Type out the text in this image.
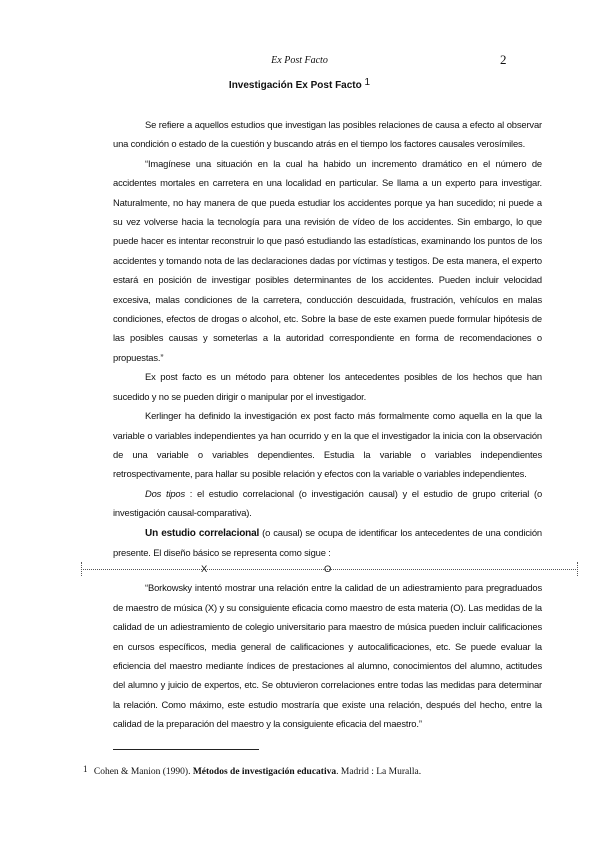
Ex Post Facto	2
Investigación Ex Post Facto $^1$

Se refiere a aquellos estudios que investigan las posibles relaciones de causa a efecto al observar una condición o estado de la cuestión y buscando atrás en el tiempo los factores causales verosímiles.

“Imagínese una situación en la cual ha habido un incremento dramático en el número de accidentes mortales en carretera en una localidad en particular. Se llama a un experto para investigar. Naturalmente, no hay manera de que pueda estudiar los accidentes porque ya han sucedido; ni puede a su vez volverse hacia la tecnología para una revisión de vídeo de los accidentes. Sin embargo, lo que puede hacer es intentar reconstruir lo que pasó estudiando las estadísticas, examinando los puntos de los accidentes y tomando nota de las declaraciones dadas por víctimas y testigos. De esta manera, el experto estará en posición de investigar posibles determinantes de los accidentes. Pueden incluir velocidad excesiva, malas condiciones de la carretera, conducción descuidada, frustración, vehículos en malas condiciones, efectos de drogas o alcohol, etc. Sobre la base de este examen puede formular hipótesis de las posibles causas y someterlas a la autoridad correspondiente en forma de recomendaciones o propuestas.”

Ex post facto es un método para obtener los antecedentes posibles de los hechos que han sucedido y no se pueden dirigir o manipular por el investigador.

Kerlinger ha definido la investigación ex post facto más formalmente como aquella en la que la variable o variables independientes ya han ocurrido y en la que el investigador la inicia con la observación de una variable o variables dependientes. Estudia la variable o variables independientes retrospectivamente, para hallar su posible relación y efectos con la variable o variables independientes.

Dos tipos : el estudio correlacional (o investigación causal) y el estudio de grupo criterial (o investigación causal-comparativa).

Un estudio correlacional (o causal) se ocupa de identificar los antecedentes de una condición presente. El diseño básico se representa como sigue :

X	O

“Borkowsky intentó mostrar una relación entre la calidad de un adiestramiento para pregraduados de maestro de música (X) y su consiguiente eficacia como maestro de esta materia (O). Las medidas de la calidad de un adiestramiento de colegio universitario para maestro de música pueden incluir calificaciones en cursos específicos, media general de calificaciones y autocalificaciones, etc. Se puede evaluar la eficiencia del maestro mediante índices de prestaciones al alumno, conocimientos del alumno, actitudes del alumno y juicio de expertos, etc. Se obtuvieron correlaciones entre todas las medidas para determinar la relación. Como máximo, este estudio mostraría que existe una relación, después del hecho, entre la calidad de la preparación del maestro y la consiguiente eficacia del maestro.”

1 Cohen & Manion (1990). Métodos de investigación educativa. Madrid : La Muralla.
